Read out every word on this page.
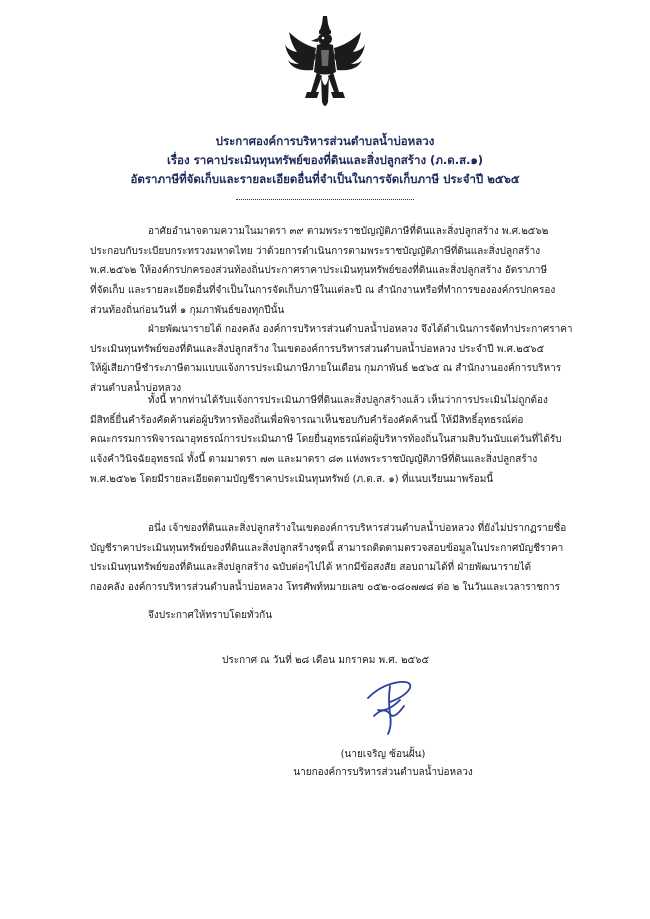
ประกาศองค์การบริหารส่วนตำบลน้ำบ่อหลวง
เรื่อง ราคาประเมินทุนทรัพย์ของที่ดินและสิ่งปลูกสร้าง (ภ.ด.ส.๑)
อัตราภาษีที่จัดเก็บและรายละเอียดอื่นที่จำเป็นในการจัดเก็บภาษี ประจำปี ๒๕๖๕
อาศัยอำนาจตามความในมาตรา ๓๙ ตามพระราชบัญญัติภาษีที่ดินและสิ่งปลูกสร้าง พ.ศ.๒๕๖๒
ประกอบกับระเบียบกระทรวงมหาดไทย ว่าด้วยการดำเนินการตามพระราชบัญญัติภาษีที่ดินและสิ่งปลูกสร้าง
พ.ศ.๒๕๖๒ ให้องค์กรปกครองส่วนท้องถิ่นประกาศราคาประเมินทุนทรัพย์ของที่ดินและสิ่งปลูกสร้าง อัตราภาษี
ที่จัดเก็บ และรายละเอียดอื่นที่จำเป็นในการจัดเก็บภาษีในแต่ละปี ณ สำนักงานหรือที่ทำการขององค์กรปกครอง
ส่วนท้องถิ่นก่อนวันที่ ๑ กุมภาพันธ์ของทุกปีนั้น
ฝ่ายพัฒนารายได้ กองคลัง องค์การบริหารส่วนตำบลน้ำบ่อหลวง จึงได้ดำเนินการจัดทำประกาศราคา
ประเมินทุนทรัพย์ของที่ดินและสิ่งปลูกสร้าง ในเขตองค์การบริหารส่วนตำบลน้ำบ่อหลวง ประจำปี พ.ศ.๒๕๖๕
ให้ผู้เสียภาษีชำระภาษีตามแบบแจ้งการประเมินภาษีภายในเดือน กุมภาพันธ์ ๒๕๖๕ ณ สำนักงานองค์การบริหาร
ส่วนตำบลน้ำบ่อหลวง
ทั้งนี้ หากท่านได้รับแจ้งการประเมินภาษีที่ดินและสิ่งปลูกสร้างแล้ว เห็นว่าการประเมินไม่ถูกต้อง
มีสิทธิ์ยื่นคำร้องคัดค้านต่อผู้บริหารท้องถิ่นเพื่อพิจารณาเห็นชอบกับคำร้องคัดค้านนี้ ให้มีสิทธิ์อุทธรณ์ต่อ
คณะกรรมการพิจารณาอุทธรณ์การประเมินภาษี โดยยื่นอุทธรณ์ต่อผู้บริหารท้องถิ่นในสามสิบวันนับแต่วันที่ได้รับ
แจ้งคำวินิจฉัยอุทธรณ์ ทั้งนี้ ตามมาตรา ๗๓ และมาตรา ๘๓ แห่งพระราชบัญญัติภาษีที่ดินและสิ่งปลูกสร้าง
พ.ศ.๒๕๖๒ โดยมีรายละเอียดตามบัญชีราคาประเมินทุนทรัพย์ (ภ.ด.ส. ๑) ที่แนบเรียนมาพร้อมนี้
อนึ่ง เจ้าของที่ดินและสิ่งปลูกสร้างในเขตองค์การบริหารส่วนตำบลน้ำบ่อหลวง ที่ยังไม่ปรากฏรายชื่อ
บัญชีราคาประเมินทุนทรัพย์ของที่ดินและสิ่งปลูกสร้างชุดนี้ สามารถติดตามตรวจสอบข้อมูลในประกาศบัญชีราคา
ประเมินทุนทรัพย์ของที่ดินและสิ่งปลูกสร้าง ฉบับต่อๆไปได้ หากมีข้อสงสัย สอบถามได้ที่ ฝ่ายพัฒนารายได้
กองคลัง องค์การบริหารส่วนตำบลน้ำบ่อหลวง โทรศัพท์หมายเลข ๐๕๒-๐๘๐๗๗๘ ต่อ ๒ ในวันและเวลาราชการ
จึงประกาศให้ทราบโดยทั่วกัน
ประกาศ ณ วันที่ ๒๘ เดือน มกราคม พ.ศ. ๒๕๖๕
(นายเจริญ ซ้อนฝั้น)
นายกองค์การบริหารส่วนตำบลน้ำบ่อหลวง
